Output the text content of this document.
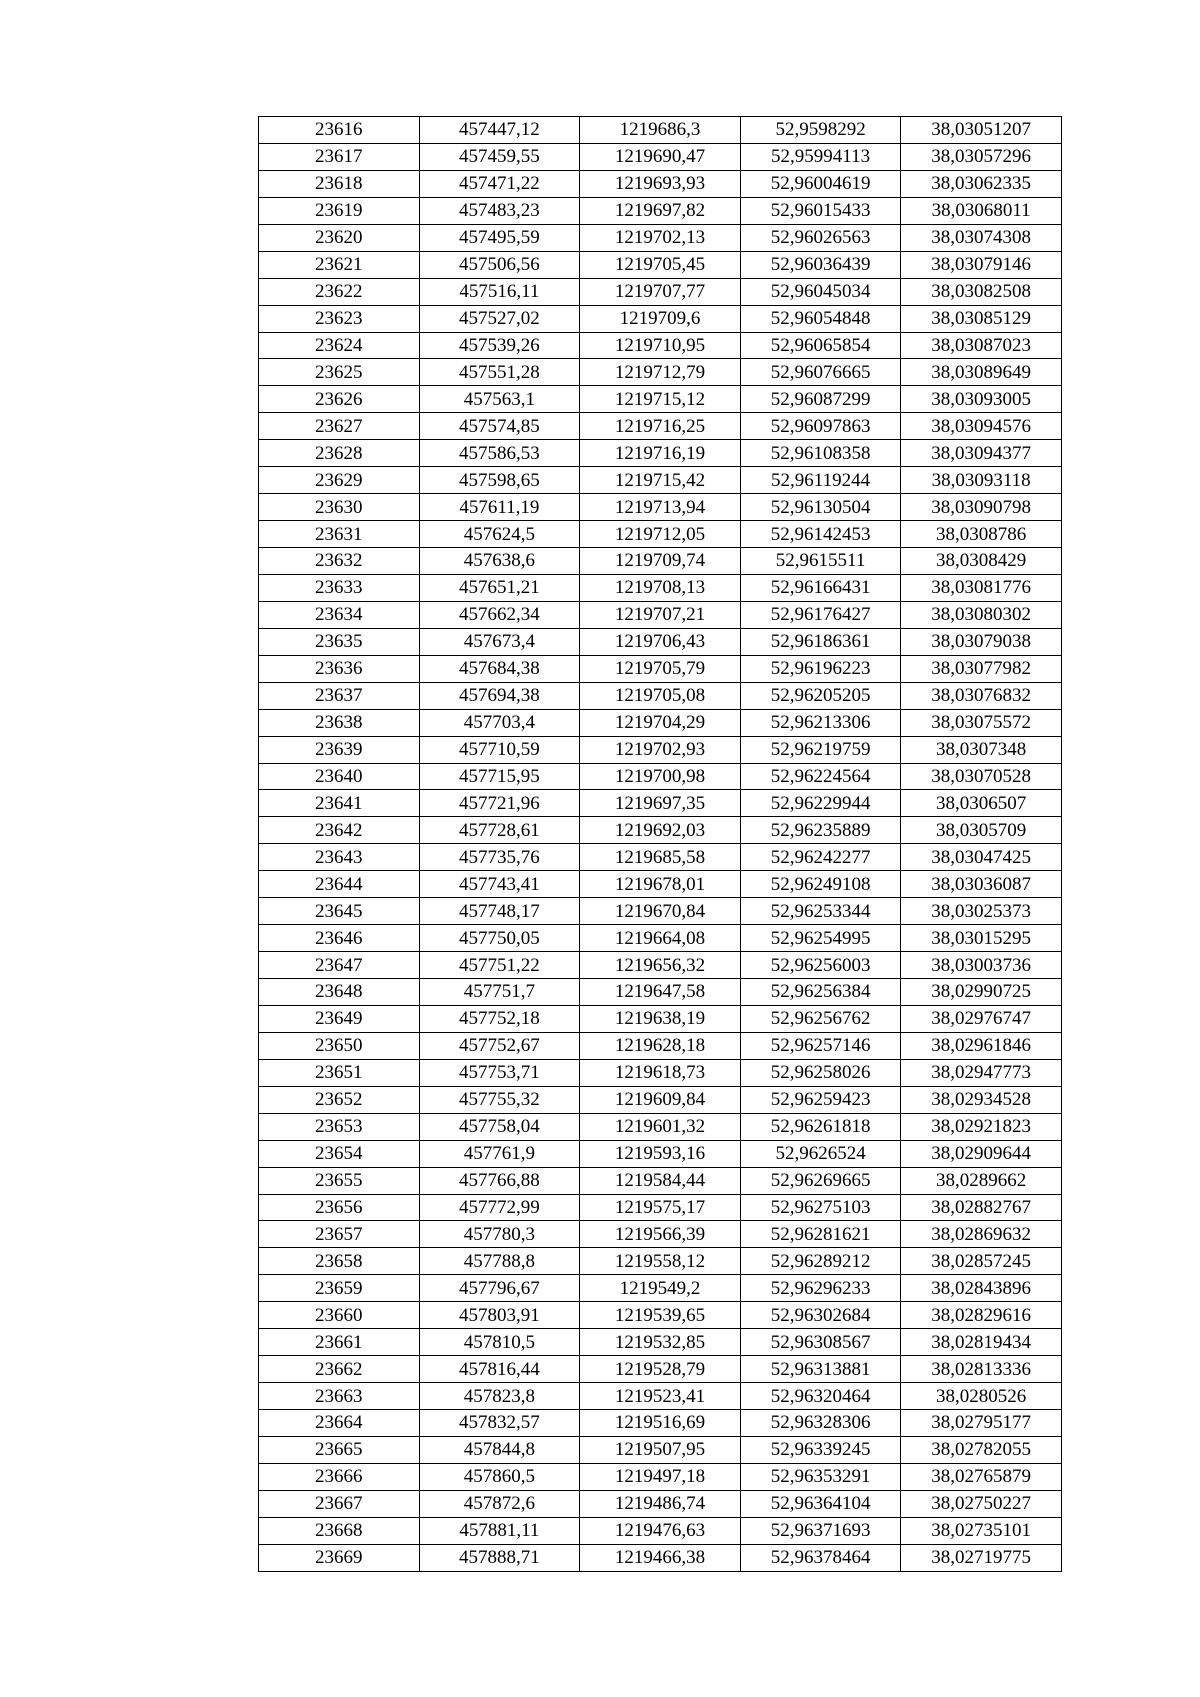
23616	457447,12	1219686,3	52,9598292	38,03051207
23617	457459,55	1219690,47	52,95994113	38,03057296
23618	457471,22	1219693,93	52,96004619	38,03062335
23619	457483,23	1219697,82	52,96015433	38,03068011
23620	457495,59	1219702,13	52,96026563	38,03074308
23621	457506,56	1219705,45	52,96036439	38,03079146
23622	457516,11	1219707,77	52,96045034	38,03082508
23623	457527,02	1219709,6	52,96054848	38,03085129
23624	457539,26	1219710,95	52,96065854	38,03087023
23625	457551,28	1219712,79	52,96076665	38,03089649
23626	457563,1	1219715,12	52,96087299	38,03093005
23627	457574,85	1219716,25	52,96097863	38,03094576
23628	457586,53	1219716,19	52,96108358	38,03094377
23629	457598,65	1219715,42	52,96119244	38,03093118
23630	457611,19	1219713,94	52,96130504	38,03090798
23631	457624,5	1219712,05	52,96142453	38,0308786
23632	457638,6	1219709,74	52,9615511	38,0308429
23633	457651,21	1219708,13	52,96166431	38,03081776
23634	457662,34	1219707,21	52,96176427	38,03080302
23635	457673,4	1219706,43	52,96186361	38,03079038
23636	457684,38	1219705,79	52,96196223	38,03077982
23637	457694,38	1219705,08	52,96205205	38,03076832
23638	457703,4	1219704,29	52,96213306	38,03075572
23639	457710,59	1219702,93	52,96219759	38,0307348
23640	457715,95	1219700,98	52,96224564	38,03070528
23641	457721,96	1219697,35	52,96229944	38,0306507
23642	457728,61	1219692,03	52,96235889	38,0305709
23643	457735,76	1219685,58	52,96242277	38,03047425
23644	457743,41	1219678,01	52,96249108	38,03036087
23645	457748,17	1219670,84	52,96253344	38,03025373
23646	457750,05	1219664,08	52,96254995	38,03015295
23647	457751,22	1219656,32	52,96256003	38,03003736
23648	457751,7	1219647,58	52,96256384	38,02990725
23649	457752,18	1219638,19	52,96256762	38,02976747
23650	457752,67	1219628,18	52,96257146	38,02961846
23651	457753,71	1219618,73	52,96258026	38,02947773
23652	457755,32	1219609,84	52,96259423	38,02934528
23653	457758,04	1219601,32	52,96261818	38,02921823
23654	457761,9	1219593,16	52,9626524	38,02909644
23655	457766,88	1219584,44	52,96269665	38,0289662
23656	457772,99	1219575,17	52,96275103	38,02882767
23657	457780,3	1219566,39	52,96281621	38,02869632
23658	457788,8	1219558,12	52,96289212	38,02857245
23659	457796,67	1219549,2	52,96296233	38,02843896
23660	457803,91	1219539,65	52,96302684	38,02829616
23661	457810,5	1219532,85	52,96308567	38,02819434
23662	457816,44	1219528,79	52,96313881	38,02813336
23663	457823,8	1219523,41	52,96320464	38,0280526
23664	457832,57	1219516,69	52,96328306	38,02795177
23665	457844,8	1219507,95	52,96339245	38,02782055
23666	457860,5	1219497,18	52,96353291	38,02765879
23667	457872,6	1219486,74	52,96364104	38,02750227
23668	457881,11	1219476,63	52,96371693	38,02735101
23669	457888,71	1219466,38	52,96378464	38,02719775
